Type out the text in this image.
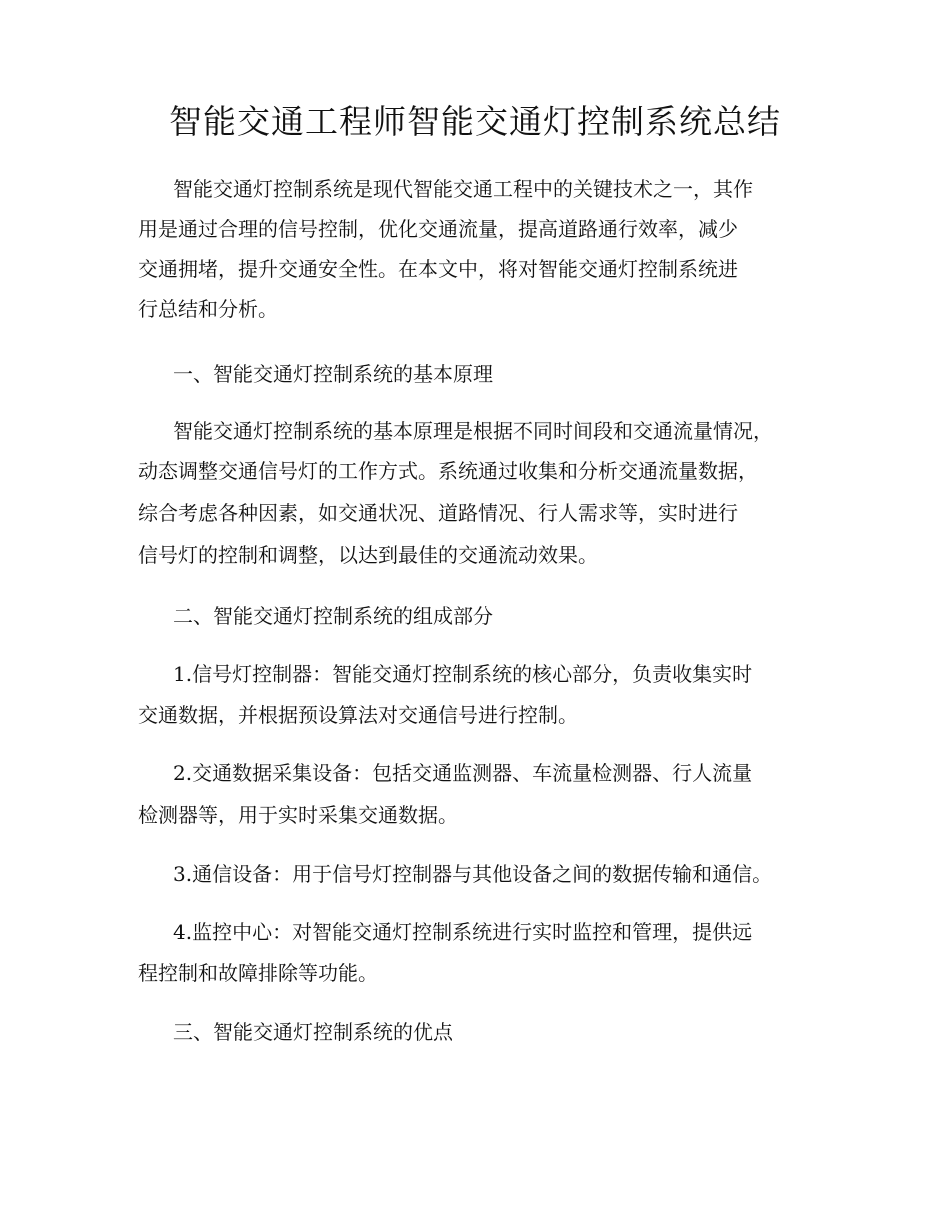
智能交通工程师智能交通灯控制系统总结

智能交通灯控制系统是现代智能交通工程中的关键技术之一，其作

用是通过合理的信号控制，优化交通流量，提高道路通行效率，减少

交通拥堵，提升交通安全性。在本文中，将对智能交通灯控制系统进

行总结和分析。

一、智能交通灯控制系统的基本原理

智能交通灯控制系统的基本原理是根据不同时间段和交通流量情况，

动态调整交通信号灯的工作方式。系统通过收集和分析交通流量数据，

综合考虑各种因素，如交通状况、道路情况、行人需求等，实时进行

信号灯的控制和调整，以达到最佳的交通流动效果。

二、智能交通灯控制系统的组成部分

1.信号灯控制器：智能交通灯控制系统的核心部分，负责收集实时

交通数据，并根据预设算法对交通信号进行控制。

2.交通数据采集设备：包括交通监测器、车流量检测器、行人流量

检测器等，用于实时采集交通数据。

3.通信设备：用于信号灯控制器与其他设备之间的数据传输和通信。

4.监控中心：对智能交通灯控制系统进行实时监控和管理，提供远

程控制和故障排除等功能。

三、智能交通灯控制系统的优点
